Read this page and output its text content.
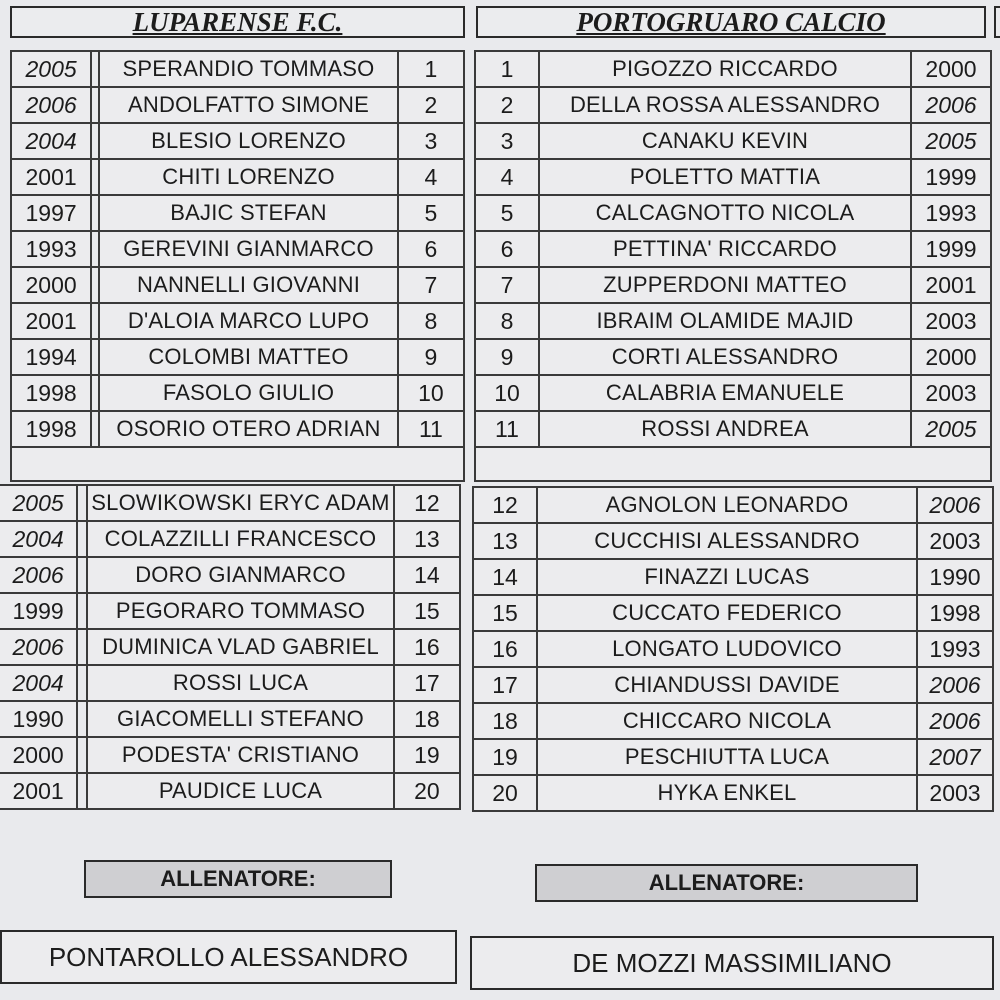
LUPARENSE F.C.	PORTOGRUARO CALCIO
2005		SPERANDIO TOMMASO	1
2006		ANDOLFATTO SIMONE	2
2004		BLESIO LORENZO	3
2001		CHITI LORENZO	4
1997		BAJIC STEFAN	5
1993		GEREVINI GIANMARCO	6
2000		NANNELLI GIOVANNI	7
2001		D'ALOIA MARCO LUPO	8
1994		COLOMBI MATTEO	9
1998		FASOLO GIULIO	10
1998		OSORIO OTERO ADRIAN	11

2005		SLOWIKOWSKI ERYC ADAM	12
2004		COLAZZILLI FRANCESCO	13
2006		DORO GIANMARCO	14
1999		PEGORARO TOMMASO	15
2006		DUMINICA VLAD GABRIEL	16
2004		ROSSI LUCA	17
1990		GIACOMELLI STEFANO	18
2000		PODESTA' CRISTIANO	19
2001		PAUDICE LUCA	20
1	PIGOZZO RICCARDO	2000
2	DELLA ROSSA ALESSANDRO	2006
3	CANAKU KEVIN	2005
4	POLETTO MATTIA	1999
5	CALCAGNOTTO NICOLA	1993
6	PETTINA' RICCARDO	1999
7	ZUPPERDONI MATTEO	2001
8	IBRAIM OLAMIDE MAJID	2003
9	CORTI ALESSANDRO	2000
10	CALABRIA EMANUELE	2003
11	ROSSI ANDREA	2005

12	AGNOLON LEONARDO	2006
13	CUCCHISI ALESSANDRO	2003
14	FINAZZI LUCAS	1990
15	CUCCATO FEDERICO	1998
16	LONGATO LUDOVICO	1993
17	CHIANDUSSI DAVIDE	2006
18	CHICCARO NICOLA	2006
19	PESCHIUTTA LUCA	2007
20	HYKA ENKEL	2003
ALLENATORE:	ALLENATORE:
PONTAROLLO ALESSANDRO	DE MOZZI MASSIMILIANO
